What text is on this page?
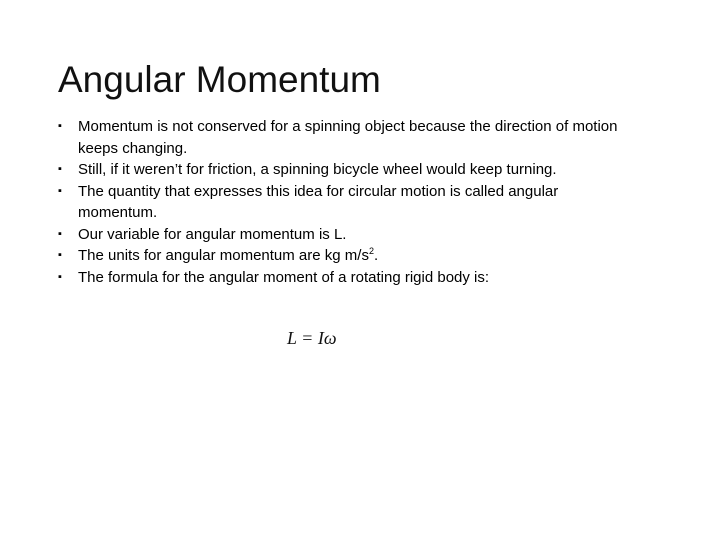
Angular Momentum
▪ Momentum is not conserved for a spinning object because the direction of motion keeps changing.
▪ Still, if it weren’t for friction, a spinning bicycle wheel would keep turning.
▪ The quantity that expresses this idea for circular motion is called angular momentum.
▪ Our variable for angular momentum is L.
▪ The units for angular momentum are kg $m/s^2$.
▪ The formula for the angular moment of a rotating rigid body is:
L = Iω
